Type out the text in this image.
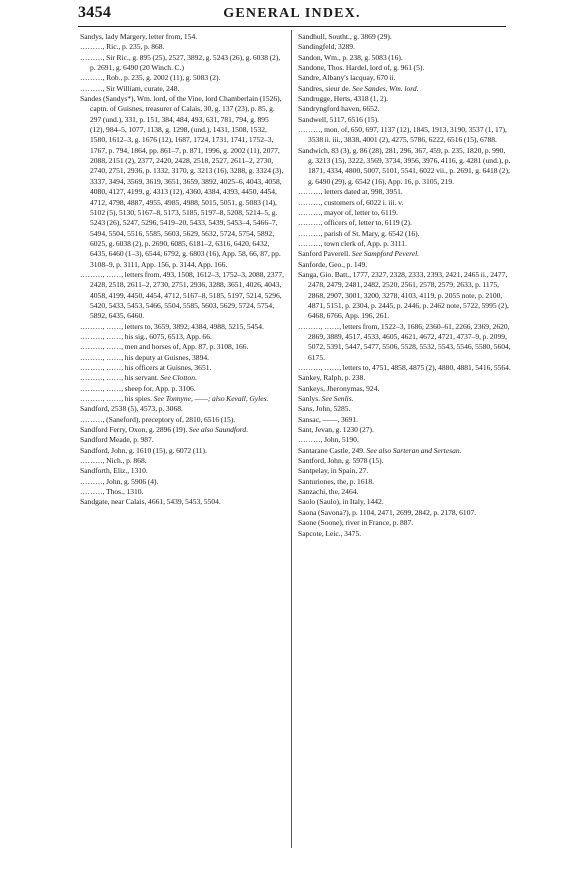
3454	GENERAL INDEX.

Sandys, lady Margery, letter from, 154.

………, Ric., p. 235, p. 868.

………, Sir Ric., g. 895 (25), 2527, 3892, g. 5243 (26), g. 6038 (2), p. 2691, g. 6490 (20 Winch. C.)

………, Rob., p. 235, g. 2002 (11), g. 5083 (2).

………, Sir William, curate, 248.

Sandes (Sandys*), Wm. lord, of the Vine, lord Chamberlain (1526), captn. of Guisnes, treasurer of Calais, 30, g. 137 (23), p. 85, g. 297 (und.), 331, p. 151, 384, 484, 493, 631, 781, 794, g. 895 (12), 984–5, 1077, 1138, g. 1298, (und.), 1431, 1508, 1532, 1580, 1612–3, g. 1676 (12), 1687, 1724, 1731, 1741, 1752–3, 1767, p. 794, 1864, pp. 861–7, p. 871, 1996, g. 2002 (11), 2077, 2088, 2151 (2), 2377, 2420, 2428, 2518, 2527, 2611–2, 2730, 2740, 2751, 2936, p. 1332, 3170, g. 3213 (16), 3288, g. 3324 (3), 3337, 3494, 3569, 3619, 3651, 3659, 3892, 4025–6, 4043, 4058, 4080, 4127, 4199, g. 4313 (12), 4360, 4384, 4393, 4450, 4454, 4712, 4798, 4887, 4955, 4985, 4988, 5015, 5051, g. 5083 (14), 5102 (5), 5130, 5167–8, 5173, 5185, 5197–8, 5208, 5214–5, g. 5243 (26), 5247, 5296, 5419–20, 5433, 5439, 5453–4, 5466–7, 5494, 5504, 5516, 5585, 5603, 5629, 5632, 5724, 5754, 5892, 6025, g. 6038 (2), p. 2690, 6085, 6181–2, 6316, 6420, 6432, 6435, 6460 (1–3), 6544, 6792, g. 6803 (16), App. 58, 66, 87, pp. 3108–9, p. 3111, App. 156, p. 3144, App. 166.

………, ……, letters from, 493, 1508, 1612–3, 1752–3, 2088, 2377, 2428, 2518, 2611–2, 2730, 2751, 2936, 3288, 3651, 4026, 4043, 4058, 4199, 4450, 4454, 4712, 5167–8, 5185, 5197, 5214, 5296, 5420, 5433, 5453, 5466, 5504, 5585, 5603, 5629, 5724, 5754, 5892, 6435, 6460.

………, ……, letters to, 3659, 3892, 4384, 4988, 5215, 5454.

………, ……, his sig., 6075, 6513, App. 66.

………, ……, men and horses of, App. 87, p. 3108, 166.

………, ……, his deputy at Guisnes, 3894.

………, ……, his officers at Guisnes, 3651.

………, ……, his servant. See Clotton.

………, ……, sheep for, App. p. 3106.

………, ……, his spies. See Tonnyne, ——; also Kevall, Gyles.

Sandford, 2538 (5), 4573, p. 3068.

………, (Saneford), preceptory of, 2810, 6516 (15).

Sandford Ferry, Oxon, g. 2896 (19). See also Saundford.

Sandford Meade, p. 987.

Sandford, John, g. 1610 (15), g. 6072 (11).

………, Nich., p. 868.

Sandforth, Eliz., 1310.

………, John, g. 5906 (4).

………, Thos., 1310.

Sandgate, near Calais, 4661, 5439, 5453, 5504.

Sandhull, Southt., g. 3869 (29).

Sandingfeld, 3289.

Sandon, Wm., p. 238, g. 5083 (16).

Sandone, Thos. Hardel, lord of, g. 961 (5).

Sandre, Albany's lacquay, 670 ii.

Sandres, sieur de. See Sandes, Wm. lord.

Sandrugge, Herts, 4318 (1, 2).

Sandryngford haven, 6652.

Sandwell, 5117, 6516 (15).

………, mon. of, 650, 697, 1137 (12), 1845, 1913, 3190, 3537 (1, 17), 3538 ii. iii., 3838, 4001 (2), 4275, 5786, 6222, 6516 (15), 6788.

Sandwich, 83 (3), g. 86 (28), 281, 296, 367, 459, p. 235, 1820, p. 990, g. 3213 (15), 3222, 3569, 3734, 3956, 3976, 4116, g. 4281 (und.), p. 1871, 4334, 4800, 5007, 5101, 5541, 6022 vii., p. 2691, g. 6418 (2), g. 6490 (29), g. 6542 (16), App. 16, p. 3105, 219.

………, letters dated at, 998, 3951.

………, customers of, 6022 i. iii. v.

………, mayor of, letter to, 6119.

………, officers of, letter to, 6119 (2).

………, parish of St. Mary, g. 6542 (16).

………, town clerk of, App. p. 3111.

Sanford Paverell. See Sampford Peverel.

Sanforde, Geo., p. 149.

Sanga, Gio. Batt., 1777, 2327, 2328, 2333, 2393, 2421, 2465 ii., 2477, 2478, 2479, 2481, 2482, 2520, 2561, 2578, 2579, 2633, p. 1175, 2868, 2907, 3001, 3200, 3278, 4103, 4119, p. 2055 note, p. 2100, 4871, 5151, p. 2304, p. 2445, p. 2446, p. 2462 note, 5722, 5995 (2), 6468, 6766, App. 196, 261.

………, ……, letters from, 1522–3, 1686, 2360–61, 2266, 2369, 2620, 2869, 3889, 4517, 4533, 4605, 4621, 4672, 4721, 4737–9, p. 2099, 5072, 5391, 5447, 5477, 5506, 5528, 5532, 5543, 5546, 5580, 5604, 6175.

………, ……, letters to, 4751, 4858, 4875 (2), 4880, 4881, 5416, 5564.

Sankey, Ralph, p. 238.

Sankeys, Jheronymas, 924.

Sanlys. See Senlis.

Sans, John, 5285.

Sansac, ——, 3691.

Sant, Jevan, g. 1230 (27).

………, John, 5190.

Santarane Castle, 249. See also Sarteran and Sertesan.

Santford, John, g. 5978 (15).

Santpelay, in Spain, 27.

Santuriones, the, p. 1618.

Sanzachi, the, 2464.

Saolo (Saulo), in Italy, 1442.

Saona (Savona?), p. 1104, 2471, 2699, 2842, p. 2178, 6107.

Saone (Soone), river in France, p. 887.

Sapcote, Leic., 3475.
